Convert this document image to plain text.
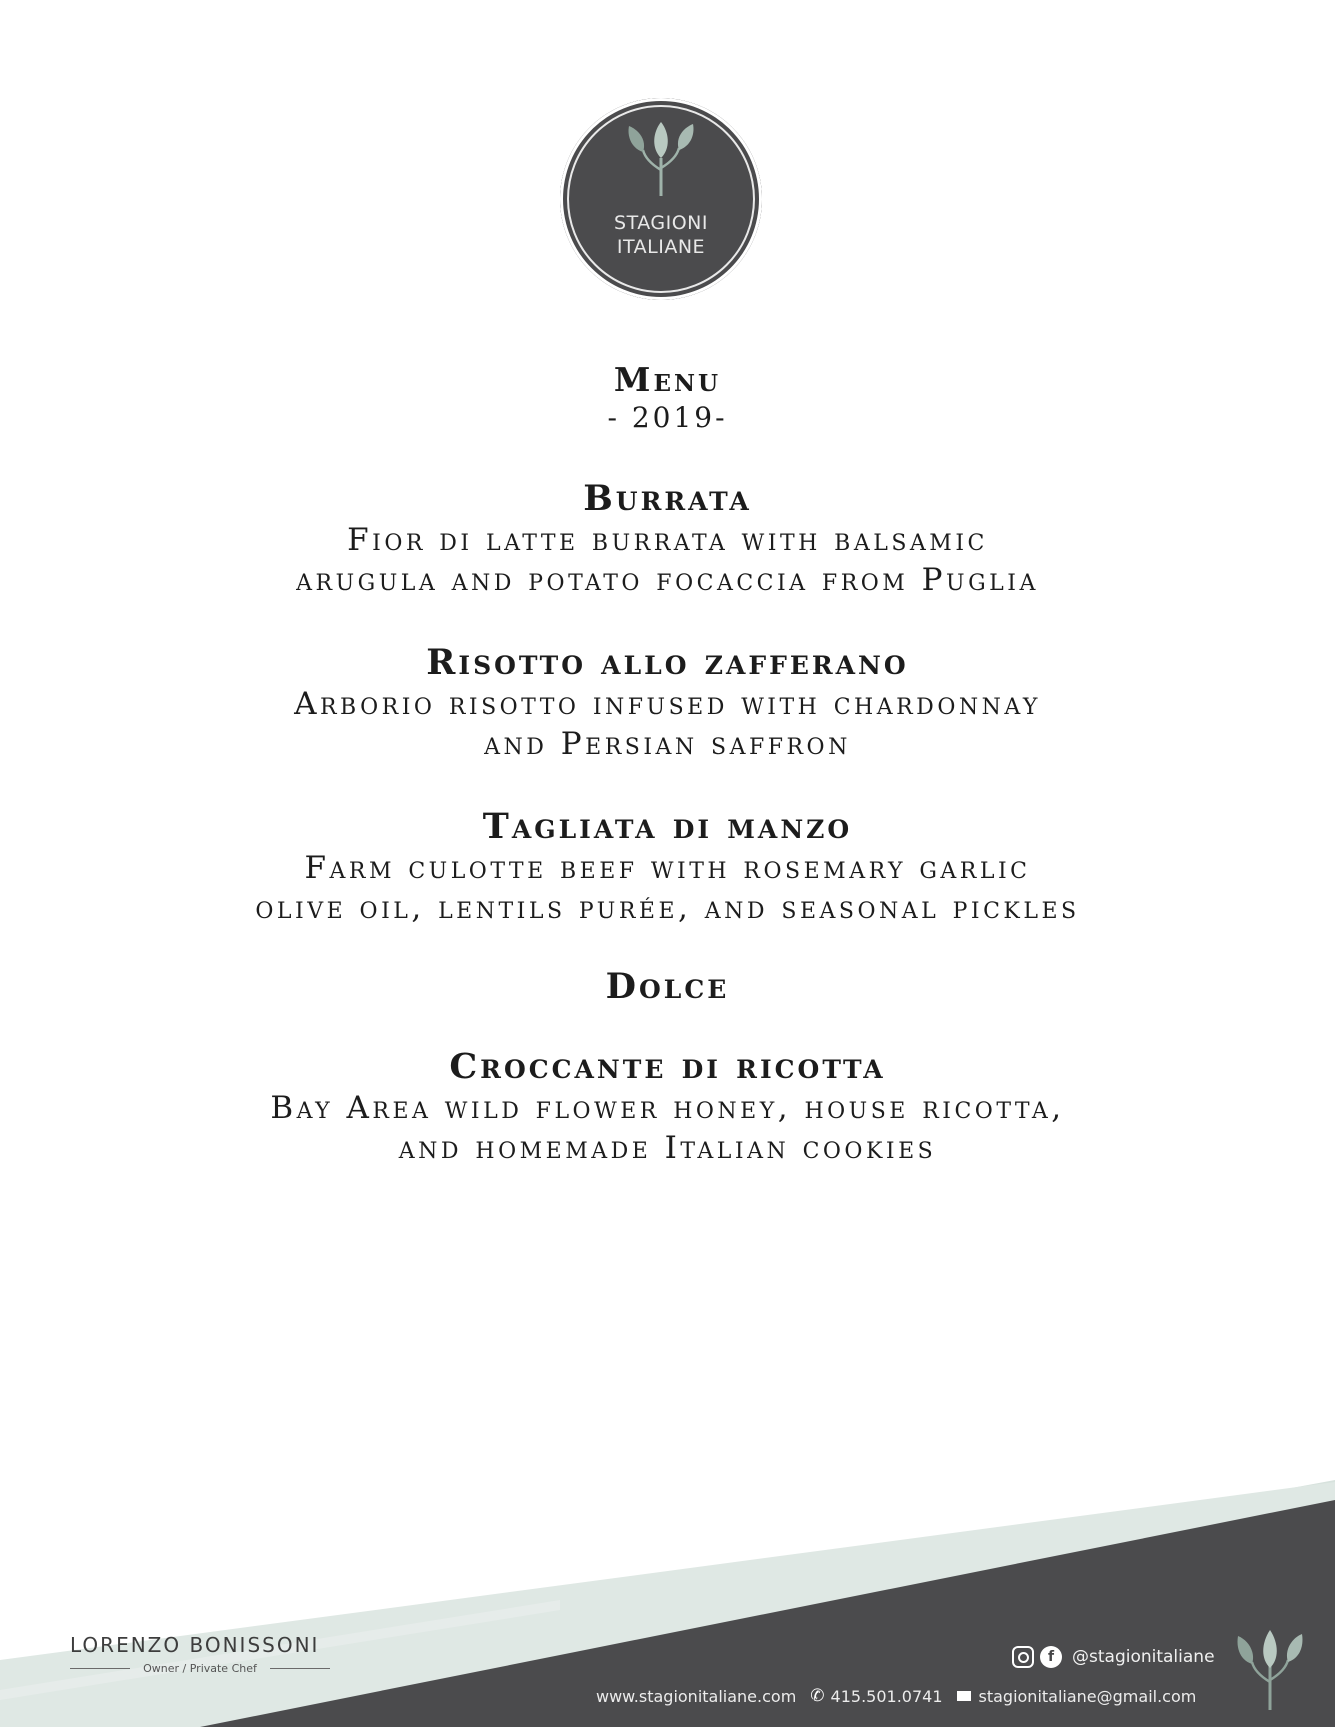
STAGIONI
ITALIANE
Menu
- 2019-
Burrata
Fior di latte burrata with balsamic
arugula and potato focaccia from Puglia
Risotto allo zafferano
Arborio risotto infused with chardonnay
and Persian saffron
Tagliata di manzo
Farm culotte beef with rosemary garlic
olive oil, lentils purée, and seasonal pickles
Dolce
Croccante di ricotta
Bay Area wild flower honey, house ricotta,
and homemade Italian cookies
LORENZO BONISSONI
Owner / Private Chef
f	@stagionitaliane
www.stagionitaliane.com ✆ 415.501.0741 stagionitaliane@gmail.com
